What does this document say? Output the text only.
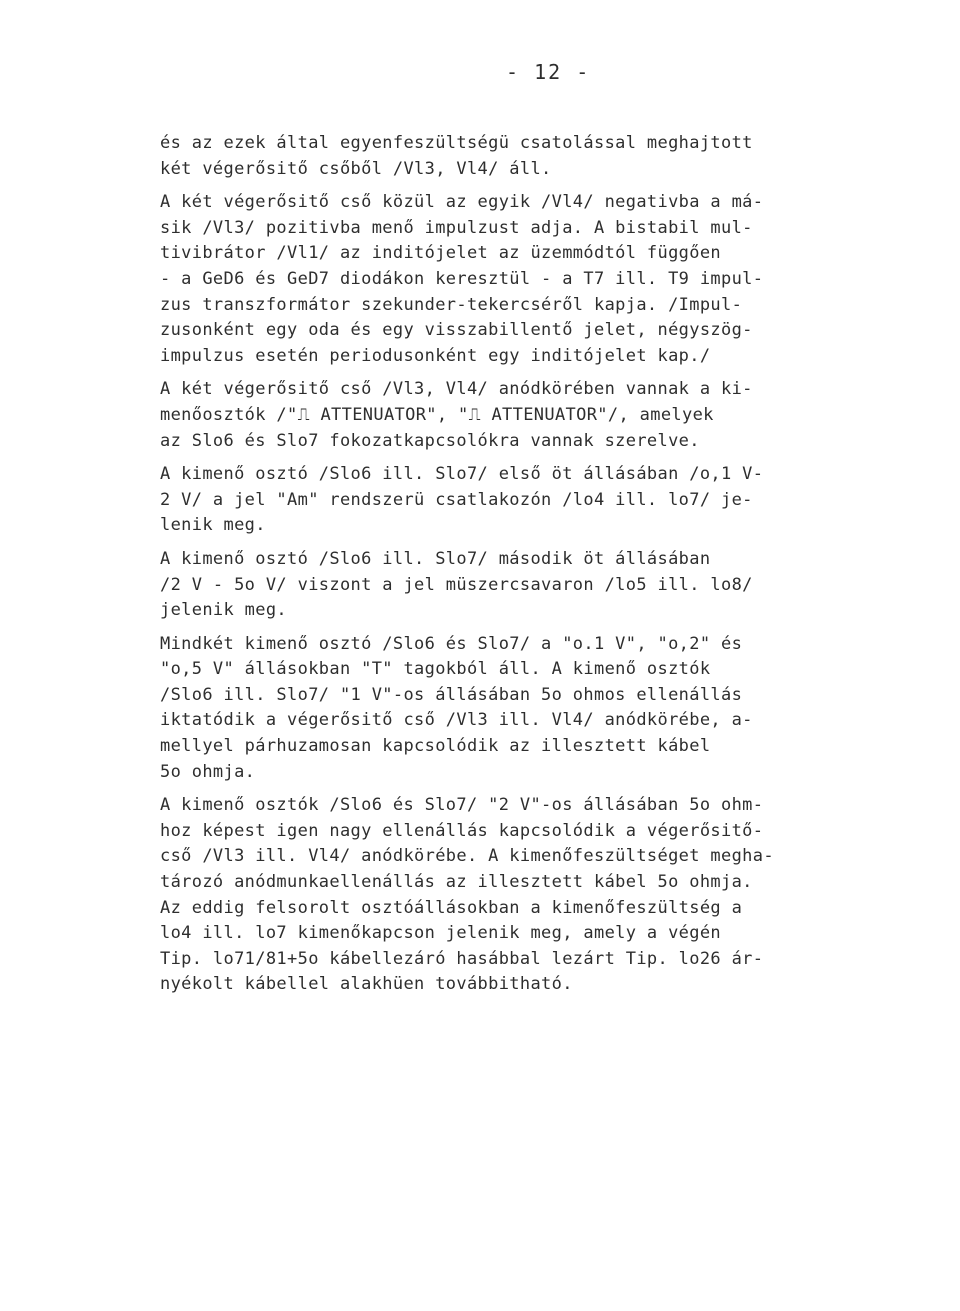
- 12 -
és az ezek által egyenfeszültségü csatolással meghajtott
két végerősitő csőből /Vl3, Vl4/ áll.
A két végerősitő cső közül az egyik /Vl4/ negativba a má-
sik /Vl3/ pozitivba menő impulzust adja. A bistabil mul-
tivibrátor /Vl1/ az inditójelet az üzemmódtól függően
- a GeD6 és GeD7 diodákon keresztül - a T7 ill. T9 impul-
zus transzformátor szekunder-tekercséről kapja. /Impul-
zusonként egy oda és egy visszabillentő jelet, négyszög-
impulzus esetén periodusonként egy inditójelet kap./
A két végerősitő cső /Vl3, Vl4/ anódkörében vannak a ki-
menőosztók /"⎍ ATTENUATOR", "⎍ ATTENUATOR"/, amelyek
az Slo6 és Slo7 fokozatkapcsolókra vannak szerelve.
A kimenő osztó /Slo6 ill. Slo7/ első öt állásában /o,1 V-
2 V/ a jel "Am" rendszerü csatlakozón /lo4 ill. lo7/ je-
lenik meg.
A kimenő osztó /Slo6 ill. Slo7/ második öt állásában
/2 V - 5o V/ viszont a jel müszercsavaron /lo5 ill. lo8/
jelenik meg.
Mindkét kimenő osztó /Slo6 és Slo7/ a "o.1 V", "o,2" és
"o,5 V" állásokban "T" tagokból áll. A kimenő osztók
/Slo6 ill. Slo7/ "1 V"-os állásában 5o ohmos ellenállás
iktatódik a végerősitő cső /Vl3 ill. Vl4/ anódkörébe, a-
mellyel párhuzamosan kapcsolódik az illesztett kábel
5o ohmja.
A kimenő osztók /Slo6 és Slo7/ "2 V"-os állásában 5o ohm-
hoz képest igen nagy ellenállás kapcsolódik a végerősitő-
cső /Vl3 ill. Vl4/ anódkörébe. A kimenőfeszültséget megha-
tározó anódmunkaellenállás az illesztett kábel 5o ohmja.
Az eddig felsorolt osztóállásokban a kimenőfeszültség a
lo4 ill. lo7 kimenőkapcson jelenik meg, amely a végén
Tip. lo71/81+5o kábellezáró hasábbal lezárt Tip. lo26 ár-
nyékolt kábellel alakhüen továbbitható.
